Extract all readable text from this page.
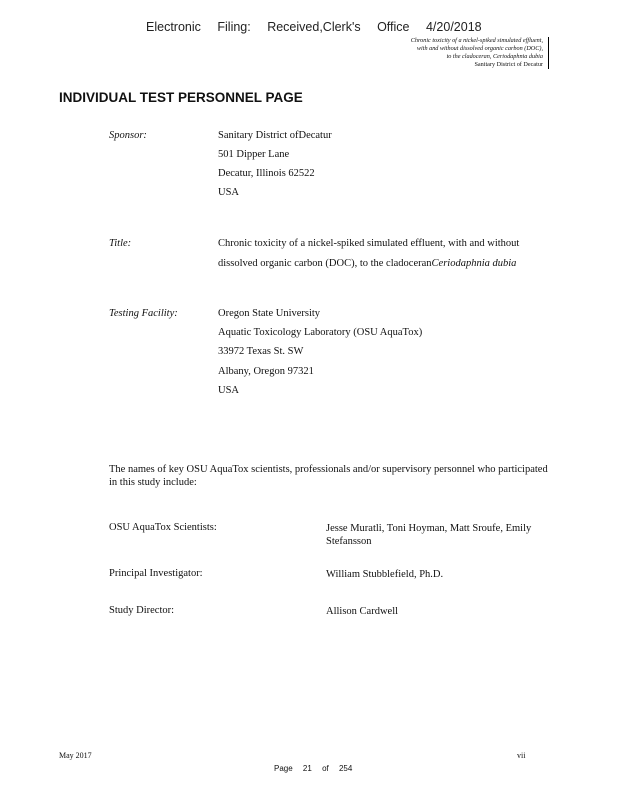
Electronic Filing: Received,Clerk's Office 4/20/2018
Chronic toxicity of a nickel-spiked simulated effluent,
with and without dissolved organic carbon (DOC),
to the cladoceran, Ceriodaphnia dubia
Sanitary District of Decatur
INDIVIDUAL TEST PERSONNEL PAGE
Sponsor:	Sanitary District ofDecatur
501 Dipper Lane
Decatur, Illinois 62522
USA
Title:	Chronic toxicity of a nickel-spiked simulated effluent, with and without
dissolved organic carbon (DOC), to the cladoceranCeriodaphnia dubia
Testing Facility:	Oregon State University
Aquatic Toxicology Laboratory (OSU AquaTox)
33972 Texas St. SW
Albany, Oregon 97321
USA
The names of key OSU AquaTox scientists, professionals and/or supervisory personnel who participated in this study include:
OSU AquaTox Scientists:	Jesse Muratli, Toni Hoyman, Matt Sroufe, Emily Stefansson
Principal Investigator:	William Stubblefield, Ph.D.
Study Director:	Allison Cardwell
May 2017	vii
Page 21 of 254
